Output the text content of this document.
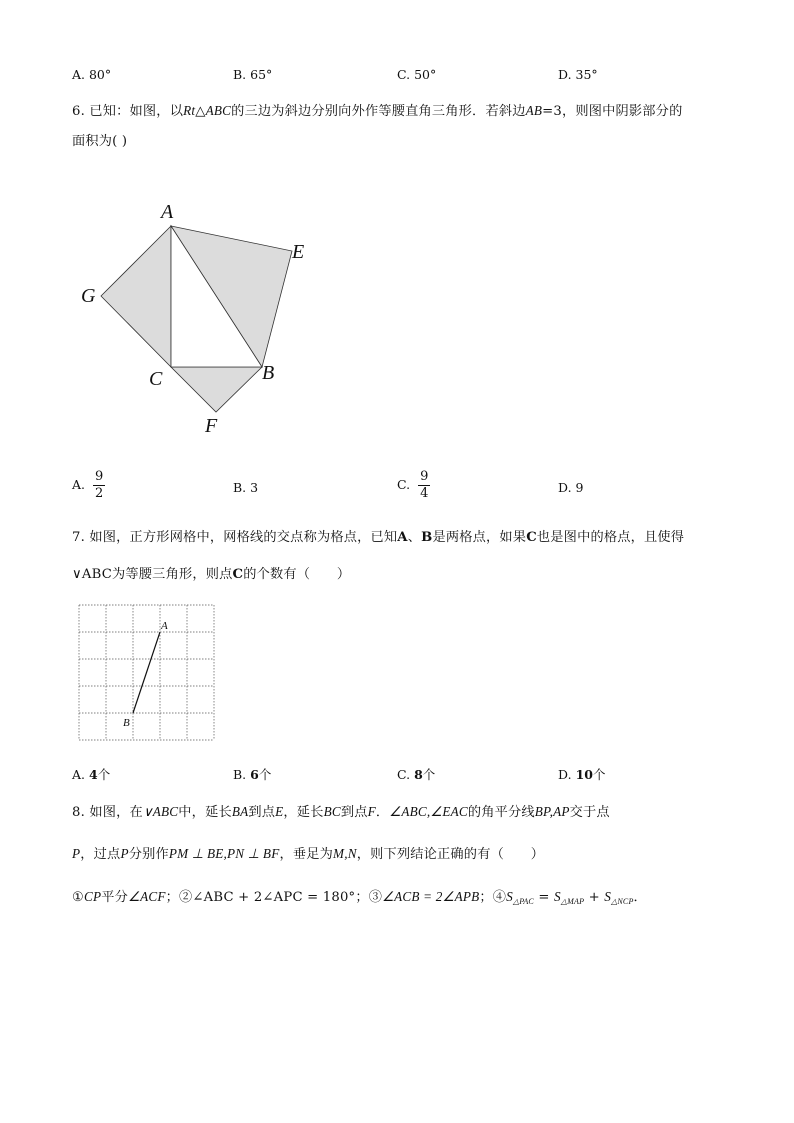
A. 80°	B. 65°	C. 50°	D. 35°
6. 已知：如图，以Rt△ABC的三边为斜边分别向外作等腰直角三角形．若斜边AB=3，则图中阴影部分的
面积为( )
A
E
G
C	B
F
A. $\frac{9}{2}$	B. 3	C. $\frac{9}{4}$	D. 9
7. 如图，正方形网格中，网格线的交点称为格点，已知A、B是两格点，如果C也是图中的格点，且使得
∨ABC为等腰三角形，则点C的个数有（　　）
A
B
A. 4个	B. 6个	C. 8个	D. 10个
8. 如图，在∨ABC中，延长BA到点E，延长BC到点F．∠ABC,∠EAC的角平分线BP,AP交于点
P，过点P分别作PM ⊥ BE,PN ⊥ BF，垂足为M,N，则下列结论正确的有（　　）
①CP平分∠ACF；②∠ABC + 2∠APC = 180°；③∠ACB = 2∠APB；$④S_{\triangle PAC} = S_{\triangle MAP} + S_{\triangle NCP}$．
